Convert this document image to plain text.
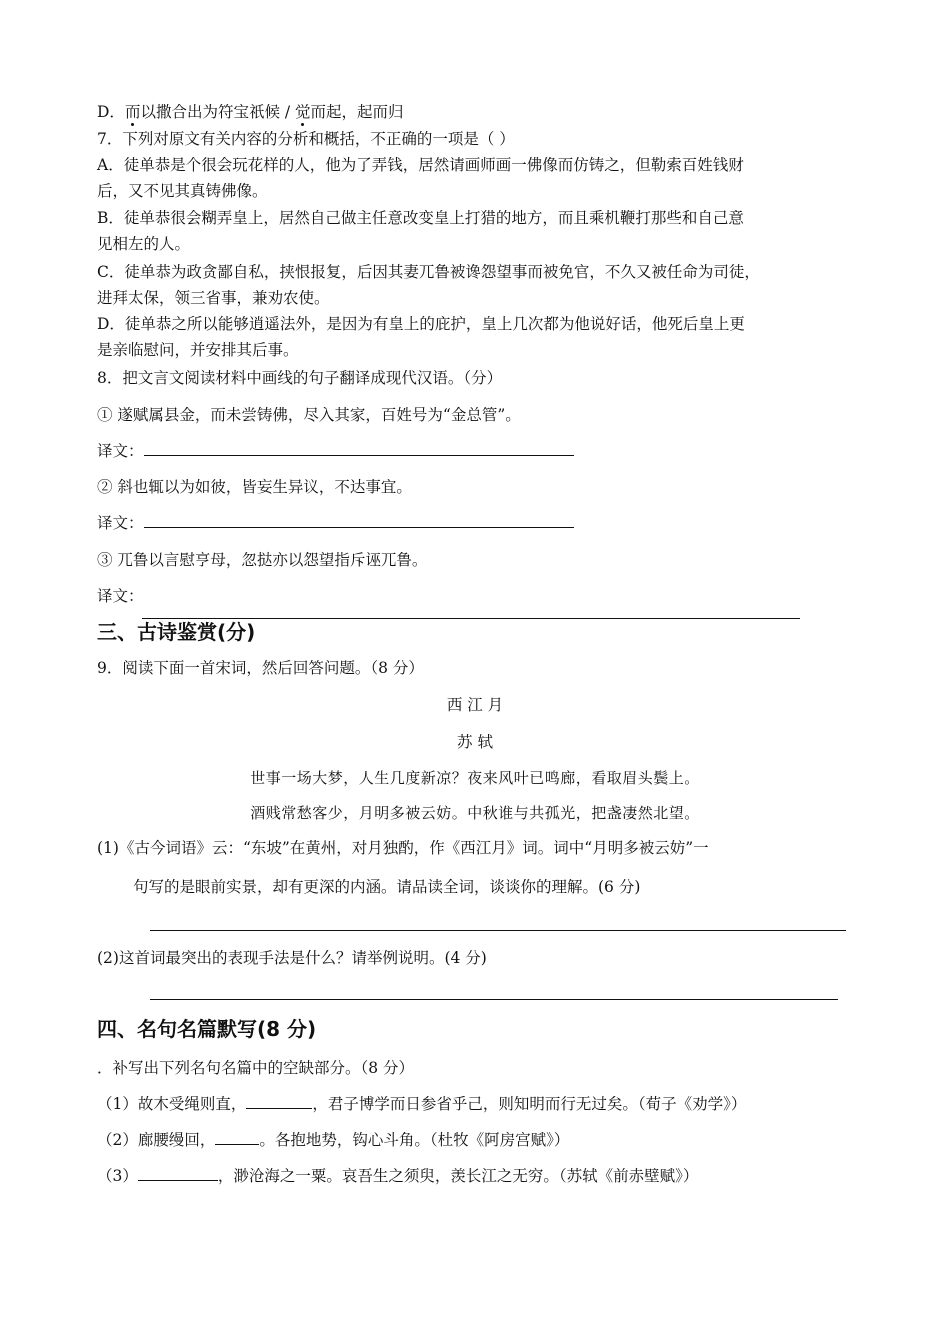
D．而以撒合出为符宝祇候 / 觉而起，起而归
7．下列对原文有关内容的分析和概括，不正确的一项是（ ）
A．徒单恭是个很会玩花样的人，他为了弄钱，居然请画师画一佛像而仿铸之，但勒索百姓钱财
后，又不见其真铸佛像。
B．徒单恭很会糊弄皇上，居然自己做主任意改变皇上打猎的地方，而且乘机鞭打那些和自己意
见相左的人。
C．徒单恭为政贪鄙自私，挟恨报复，后因其妻兀鲁被谗怨望事而被免官，不久又被任命为司徒，
进拜太保，领三省事，兼劝农使。
D．徒单恭之所以能够逍遥法外，是因为有皇上的庇护，皇上几次都为他说好话，他死后皇上更
是亲临慰问，并安排其后事。
8．把文言文阅读材料中画线的句子翻译成现代汉语。（分）
① 遂赋属县金，而未尝铸佛，尽入其家，百姓号为“金总管”。
译文：
② 斜也辄以为如彼，皆妄生异议，不达事宜。
译文：
③ 兀鲁以言慰亨母，忽挞亦以怨望指斥诬兀鲁。
译文：
三、古诗鉴赏(分)
9．阅读下面一首宋词，然后回答问题。（8 分）
西 江 月
苏 轼
世事一场大梦，人生几度新凉？夜来风叶已鸣廊，看取眉头鬓上。
酒贱常愁客少，月明多被云妨。中秋谁与共孤光，把盏凄然北望。
(1)《古今词语》云：“东坡”在黄州，对月独酌，作《西江月》词。词中“月明多被云妨”一
句写的是眼前实景，却有更深的内涵。请品读全词，谈谈你的理解。(6 分)
(2)这首词最突出的表现手法是什么？请举例说明。(4 分)
四、名句名篇默写(8 分)
．补写出下列名句名篇中的空缺部分。（8 分）
（1）故木受绳则直，	，君子博学而日参省乎己，则知明而行无过矣。（荀子《劝学》）
（2）廊腰缦回，	。各抱地势，钩心斗角。（杜牧《阿房宫赋》）
（3）	，渺沧海之一粟。哀吾生之须臾，羡长江之无穷。（苏轼《前赤壁赋》）
